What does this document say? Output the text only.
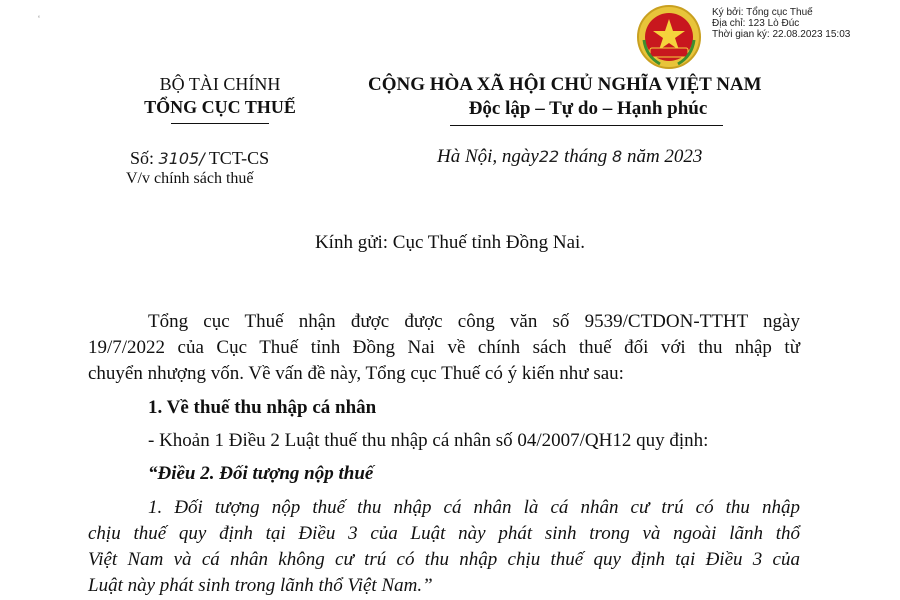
ʻ
Ký bởi: Tổng cục Thuế
Địa chỉ: 123 Lò Đúc
Thời gian ký: 22.08.2023 15:03
BỘ TÀI CHÍNH
TỔNG CỤC THUẾ
Số: 3105/ TCT-CS
V/v chính sách thuế
CỘNG HÒA XÃ HỘI CHỦ NGHĨA VIỆT NAM
Độc lập – Tự do – Hạnh phúc
Hà Nội, ngày22 tháng 8 năm 2023
Kính gửi: Cục Thuế tỉnh Đồng Nai.
Tổng cục Thuế nhận được được công văn số 9539/CTDON-TTHT ngày
19/7/2022 của Cục Thuế tỉnh Đồng Nai về chính sách thuế đối với thu nhập từ
chuyển nhượng vốn. Về vấn đề này, Tổng cục Thuế có ý kiến như sau:
1. Về thuế thu nhập cá nhân
- Khoản 1 Điều 2 Luật thuế thu nhập cá nhân số 04/2007/QH12 quy định:
“Điều 2. Đối tượng nộp thuế
1. Đối tượng nộp thuế thu nhập cá nhân là cá nhân cư trú có thu nhập
chịu thuế quy định tại Điều 3 của Luật này phát sinh trong và ngoài lãnh thổ
Việt Nam và cá nhân không cư trú có thu nhập chịu thuế quy định tại Điều 3 của
Luật này phát sinh trong lãnh thổ Việt Nam.”
